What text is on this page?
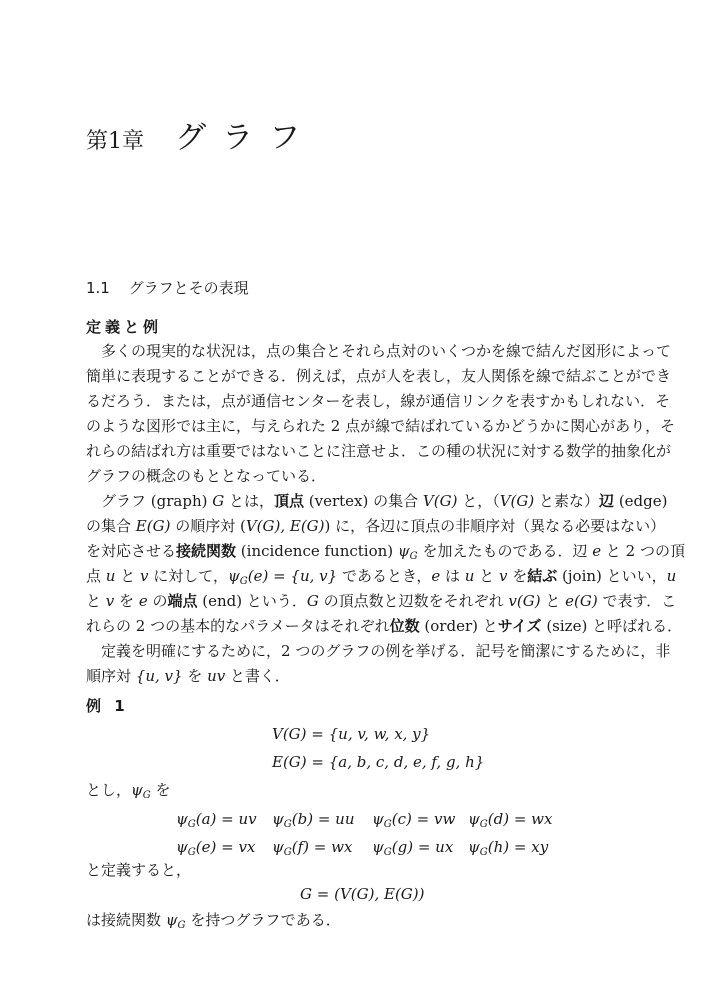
第1章 グラフ
1.1 グラフとその表現
定義と例
多くの現実的な状況は，点の集合とそれら点対のいくつかを線で結んだ図形によって
簡単に表現することができる．例えば，点が人を表し，友人関係を線で結ぶことができ
るだろう．または，点が通信センターを表し，線が通信リンクを表すかもしれない．そ
のような図形では主に，与えられた 2 点が線で結ばれているかどうかに関心があり，そ
れらの結ばれ方は重要ではないことに注意せよ．この種の状況に対する数学的抽象化が
グラフの概念のもととなっている．
グラフ (graph) G とは，頂点 (vertex) の集合 V(G) と，（V(G) と素な）辺 (edge)
の集合 E(G) の順序対 (V(G), E(G)) に，各辺に頂点の非順序対（異なる必要はない）
を対応させる接続関数 (incidence function) $\psi_G$ を加えたものである．辺 e と 2 つの頂
点 u と v に対して，$\psi_G(e) = \{u$, v} であるとき，e は u と v を結ぶ (join) といい，u
と v を e の端点 (end) という．G の頂点数と辺数をそれぞれ v(G) と e(G) で表す．こ
れらの 2 つの基本的なパラメータはそれぞれ位数 (order) とサイズ (size) と呼ばれる．
定義を明確にするために，2 つのグラフの例を挙げる．記号を簡潔にするために，非
順序対 {u, v} を uv と書く．
例 1
V(G) = {u, v, w, x, y}
E(G) = {a, b, c, d, e, f, g, h}
とし，$\psi_G$ を
$\psi_G(a)$ = uv $\psi_G(b)$ = uu $\psi_G(c)$ = vw $\psi_G(d)$ = wx
$\psi_G(e)$ = vx $\psi_G(f)$ = wx $\psi_G(g)$ = ux $\psi_G(h)$ = xy
と定義すると，
G = (V(G), E(G))
は接続関数 $\psi_G$ を持つグラフである．
